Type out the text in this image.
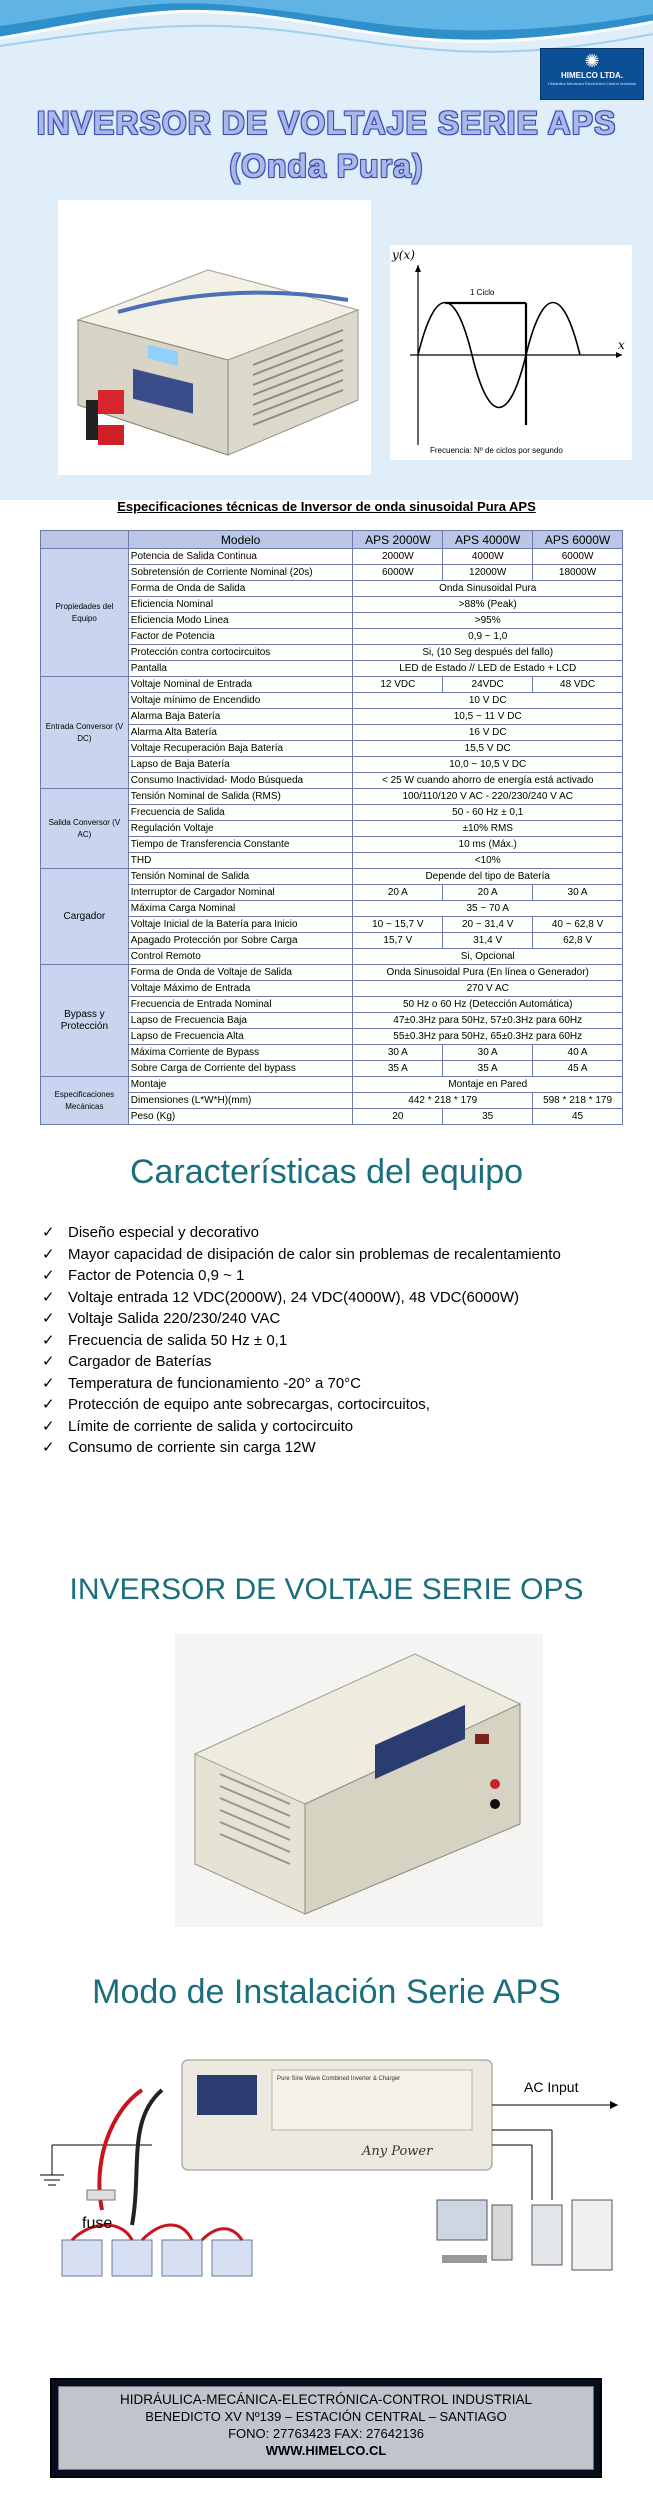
✺
HIMELCO LTDA.
Hidráulica Mecánica Electrónica Control Industrial
INVERSOR DE VOLTAJE SERIE APS
(Onda Pura)
y(x)
x
1 Ciclo
Frecuencia: Nº de ciclos por segundo
Especificaciones técnicas de Inversor de onda sinusoidal Pura APS
	Modelo	APS 2000W	APS 4000W	APS 6000W
Propiedades del Equipo	Potencia de Salida Continua	2000W	4000W	6000W
	Sobretensión de Corriente Nominal (20s)	6000W	12000W	18000W
	Forma de Onda de Salida	Onda Sinusoidal Pura		
	Eficiencia Nominal	>88% (Peak)		
	Eficiencia Modo Linea	>95%		
	Factor de Potencia	0,9 ~ 1,0		
	Protección contra cortocircuitos	Si, (10 Seg después del fallo)		
	Pantalla	LED de Estado // LED de Estado + LCD		
Entrada Conversor (V DC)	Voltaje Nominal de Entrada	12 VDC	24VDC	48 VDC
	Voltaje mínimo de Encendido	10 V DC		
	Alarma Baja Batería	10,5 ~ 11 V DC		
	Alarma Alta Batería	16 V DC		
	Voltaje Recuperación Baja Batería	15,5 V DC		
	Lapso de Baja Batería	10,0 ~ 10,5 V DC		
	Consumo Inactividad- Modo Búsqueda	< 25 W cuando ahorro de energía está activado		
Salida Conversor (V AC)	Tensión Nominal de Salida (RMS)	100/110/120 V AC - 220/230/240 V AC		
	Frecuencia de Salida	50 - 60 Hz ± 0,1		
	Regulación Voltaje	±10% RMS		
	Tiempo de Transferencia Constante	10 ms (Máx.)		
	THD	<10%		
Cargador	Tensión Nominal de Salida	Depende del tipo de Batería		
	Interruptor de Cargador Nominal	20 A	20 A	30 A
	Máxima Carga Nominal	35 ~ 70 A		
	Voltaje Inicial de la Batería para Inicio	10 ~ 15,7 V	20 ~ 31,4 V	40 ~ 62,8 V
	Apagado Protección por Sobre Carga	15,7 V	31,4 V	62,8 V
	Control Remoto	Si, Opcional		
Bypass y Protección	Forma de Onda de Voltaje de Salida	Onda Sinusoidal Pura (En línea o Generador)		
	Voltaje Máximo de Entrada	270 V AC		
	Frecuencia de Entrada Nominal	50 Hz o 60 Hz (Detección Automática)		
	Lapso de Frecuencia Baja	47±0.3Hz para 50Hz, 57±0.3Hz para 60Hz		
	Lapso de Frecuencia Alta	55±0.3Hz para 50Hz, 65±0.3Hz para 60Hz		
	Máxima Corriente de Bypass	30 A	30 A	40 A
	Sobre Carga de Corriente del bypass	35 A	35 A	45 A
Especificaciones Mecánicas	Montaje	Montaje en Pared		
	Dimensiones (L*W*H)(mm)	442 * 218 * 179		598 * 218 * 179
	Peso (Kg)	20	35	45
Características del equipo
✓ Diseño especial y decorativo
✓ Mayor capacidad de disipación de calor sin problemas de recalentamiento
✓ Factor de Potencia 0,9 ~ 1
✓ Voltaje entrada 12 VDC(2000W), 24 VDC(4000W), 48 VDC(6000W)
✓ Voltaje Salida 220/230/240 VAC
✓ Frecuencia de salida 50 Hz ± 0,1
✓ Cargador de Baterías
✓ Temperatura de funcionamiento -20° a 70°C
✓ Protección de equipo ante sobrecargas, cortocircuitos,
✓ Límite de corriente de salida y cortocircuito
✓ Consumo de corriente sin carga 12W
INVERSOR DE VOLTAJE SERIE OPS
Modo de Instalación Serie APS
fuse
Pure Sine Wave Combined Inverter & Charger
Any Power
AC Input
HIDRÁULICA-MECÁNICA-ELECTRÓNICA-CONTROL INDUSTRIAL
BENEDICTO XV Nº139 – ESTACIÓN CENTRAL – SANTIAGO
FONO: 27763423 FAX: 27642136
WWW.HIMELCO.CL
